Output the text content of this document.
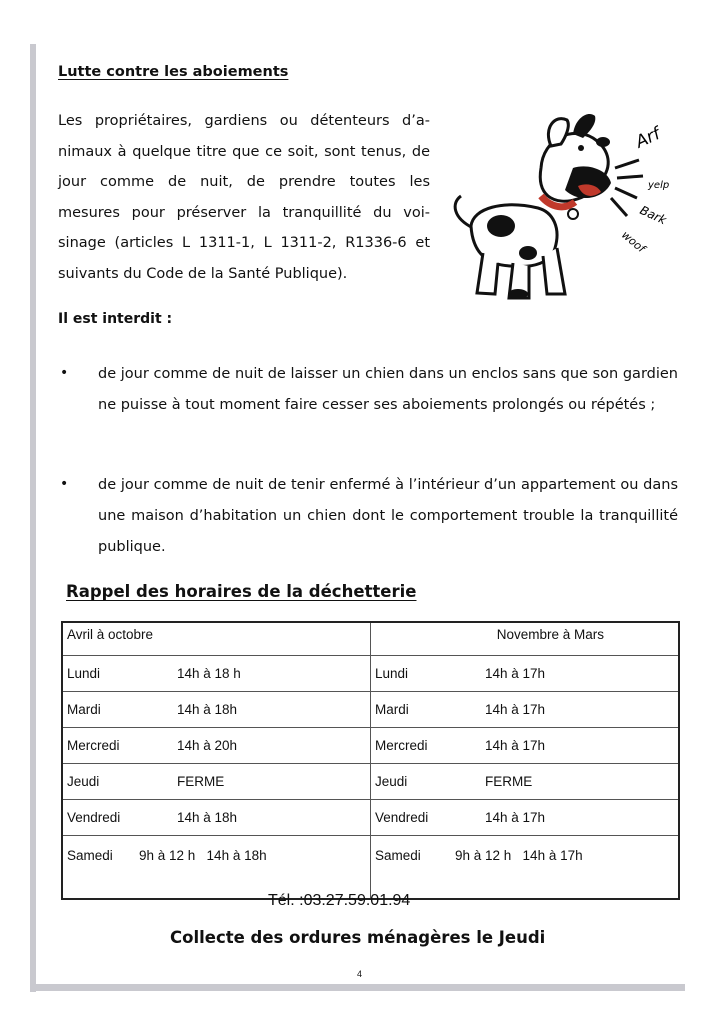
Lutte contre les aboiements

Les propriétaires, gardiens ou détenteurs d’a-nimaux à quelque titre que ce soit, sont tenus, de jour comme de nuit, de prendre toutes les mesures pour préserver la tranquillité du voi-sinage (articles L 1311-1, L 1311-2, R1336-6 et suivants du Code de la Santé Publique).

Arf
yelp
Bark
woof

Il est interdit :

• de jour comme de nuit de laisser un chien dans un enclos sans que son gardien ne puisse à tout moment faire cesser ses aboiements prolongés ou répétés ;

• de jour comme de nuit de tenir enfermé à l’intérieur d’un appartement ou dans une maison d’habitation un chien dont le comportement trouble la tranquillité publique.

Rappel des horaires de la déchetterie
Avril à octobre	Novembre à Mars
Lundi 14h à 18 h	Lundi 14h à 17h
Mardi 14h à 18h	Mardi 14h à 17h
Mercredi 14h à 20h	Mercredi 14h à 17h
Jeudi FERME	Jeudi FERME
Vendredi 14h à 18h	Vendredi 14h à 17h
Samedi 9h à 12 h   14h à 18h	Samedi 9h à 12 h   14h à 17h

Tél. :03.27.59.01.94

Collecte des ordures ménagères le Jeudi

4
